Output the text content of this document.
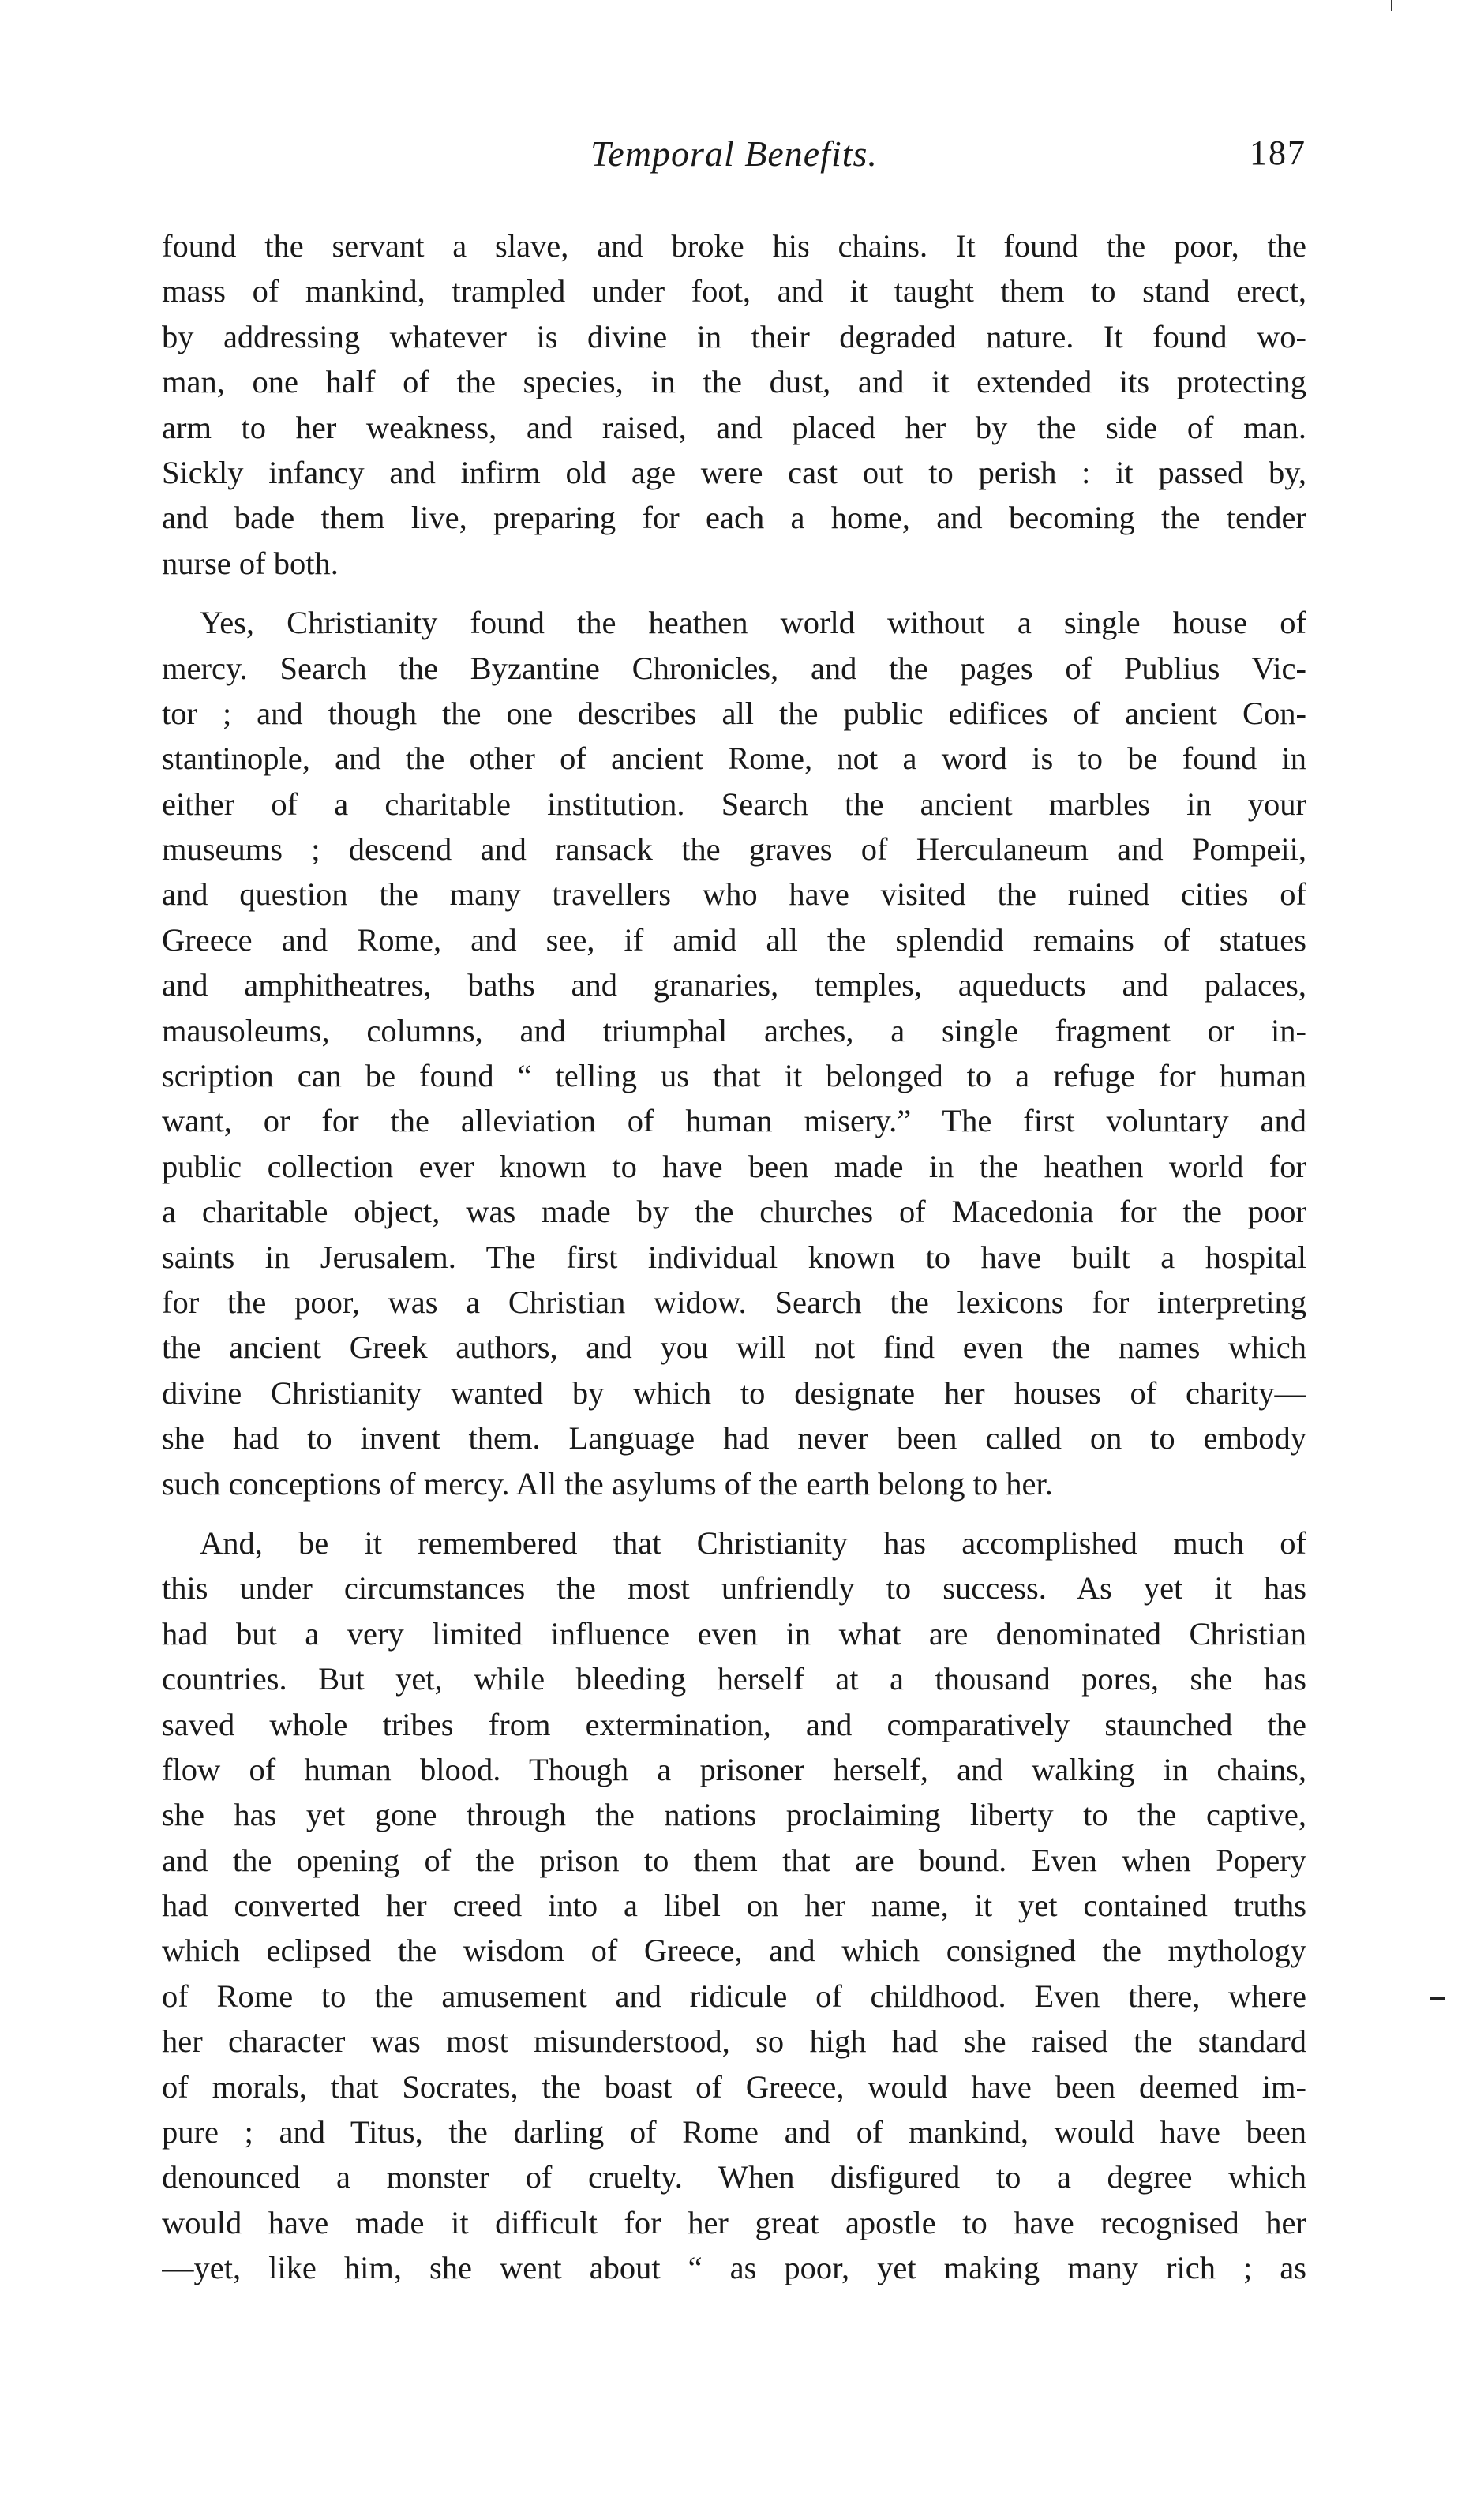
Temporal Benefits.	187
found the servant a slave, and broke his chains. It found the poor, the
mass of mankind, trampled under foot, and it taught them to stand erect,
by addressing whatever is divine in their degraded nature. It found wo-
man, one half of the species, in the dust, and it extended its protecting
arm to her weakness, and raised, and placed her by the side of man.
Sickly infancy and infirm old age were cast out to perish : it passed by,
and bade them live, preparing for each a home, and becoming the tender
nurse of both.
Yes, Christianity found the heathen world without a single house of
mercy. Search the Byzantine Chronicles, and the pages of Publius Vic-
tor ; and though the one describes all the public edifices of ancient Con-
stantinople, and the other of ancient Rome, not a word is to be found in
either of a charitable institution. Search the ancient marbles in your
museums ; descend and ransack the graves of Herculaneum and Pompeii,
and question the many travellers who have visited the ruined cities of
Greece and Rome, and see, if amid all the splendid remains of statues
and amphitheatres, baths and granaries, temples, aqueducts and palaces,
mausoleums, columns, and triumphal arches, a single fragment or in-
scription can be found “ telling us that it belonged to a refuge for human
want, or for the alleviation of human misery.” The first voluntary and
public collection ever known to have been made in the heathen world for
a charitable object, was made by the churches of Macedonia for the poor
saints in Jerusalem. The first individual known to have built a hospital
for the poor, was a Christian widow. Search the lexicons for interpreting
the ancient Greek authors, and you will not find even the names which
divine Christianity wanted by which to designate her houses of charity—
she had to invent them. Language had never been called on to embody
such conceptions of mercy. All the asylums of the earth belong to her.
And, be it remembered that Christianity has accomplished much of
this under circumstances the most unfriendly to success. As yet it has
had but a very limited influence even in what are denominated Christian
countries. But yet, while bleeding herself at a thousand pores, she has
saved whole tribes from extermination, and comparatively staunched the
flow of human blood. Though a prisoner herself, and walking in chains,
she has yet gone through the nations proclaiming liberty to the captive,
and the opening of the prison to them that are bound. Even when Popery
had converted her creed into a libel on her name, it yet contained truths
which eclipsed the wisdom of Greece, and which consigned the mythology
of Rome to the amusement and ridicule of childhood. Even there, where
her character was most misunderstood, so high had she raised the standard
of morals, that Socrates, the boast of Greece, would have been deemed im-
pure ; and Titus, the darling of Rome and of mankind, would have been
denounced a monster of cruelty. When disfigured to a degree which
would have made it difficult for her great apostle to have recognised her
—yet, like him, she went about “ as poor, yet making many rich ; as
